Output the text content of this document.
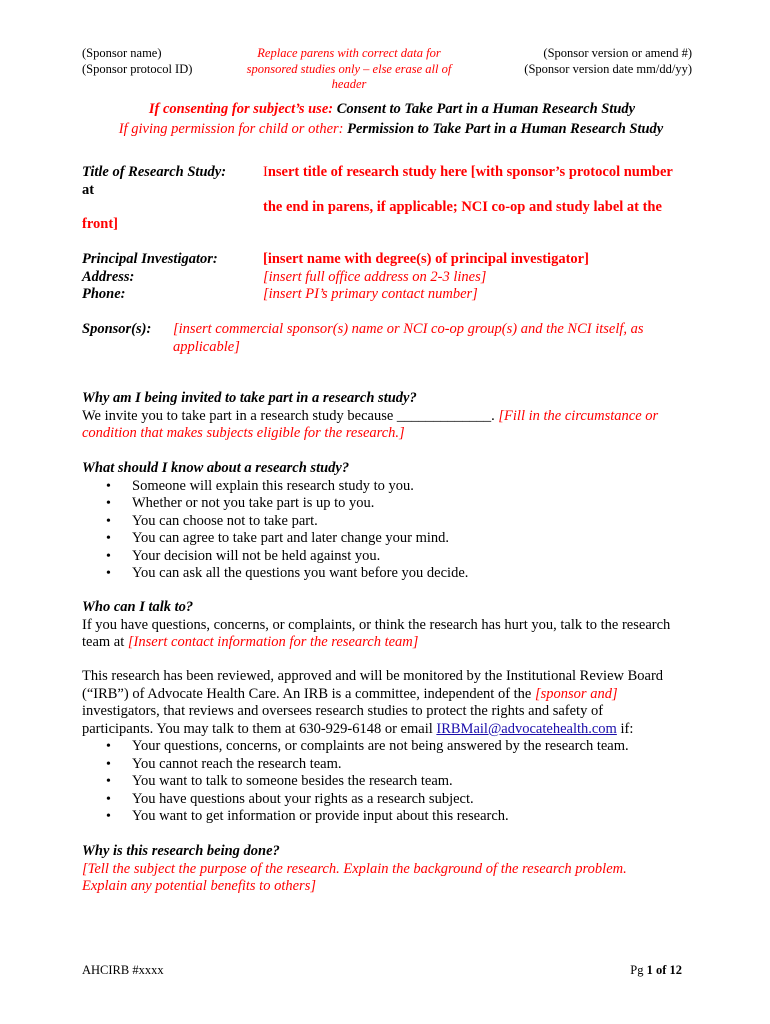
(Sponsor name)
(Sponsor protocol ID)
Replace parens with correct data for
sponsored studies only – else erase all of header
(Sponsor version or amend #)
(Sponsor version date mm/dd/yy)
If consenting for subject’s use: Consent to Take Part in a Human Research Study
If giving permission for child or other: Permission to Take Part in a Human Research Study
Title of Research Study:
at
Insert title of research study here [with sponsor’s protocol number
the end in parens, if applicable; NCI co-op and study label at the
front]
Principal Investigator:
Address:
Phone:
[insert name with degree(s) of principal investigator]
[insert full office address on 2-3 lines]
[insert PI’s primary contact number]
Sponsor(s): [insert commercial sponsor(s) name or NCI co-op group(s) and the NCI itself, as
applicable]

Why am I being invited to take part in a research study?

We invite you to take part in a research study because _____________. [Fill in the circumstance or

condition that makes subjects eligible for the research.]

What should I know about a research study?

• Someone will explain this research study to you.
• Whether or not you take part is up to you.
• You can choose not to take part.
• You can agree to take part and later change your mind.
• Your decision will not be held against you.
• You can ask all the questions you want before you decide.

Who can I talk to?

If you have questions, concerns, or complaints, or think the research has hurt you, talk to the research

team at [Insert contact information for the research team]

This research has been reviewed, approved and will be monitored by the Institutional Review Board

(“IRB”) of Advocate Health Care. An IRB is a committee, independent of the [sponsor and]

investigators, that reviews and oversees research studies to protect the rights and safety of

participants. You may talk to them at 630-929-6148 or email IRBMail@advocatehealth.com if:

• Your questions, concerns, or complaints are not being answered by the research team.
• You cannot reach the research team.
• You want to talk to someone besides the research team.
• You have questions about your rights as a research subject.
• You want to get information or provide input about this research.

Why is this research being done?

[Tell the subject the purpose of the research. Explain the background of the research problem.

Explain any potential benefits to others]

AHCIRB #xxxx	Pg 1 of 12
